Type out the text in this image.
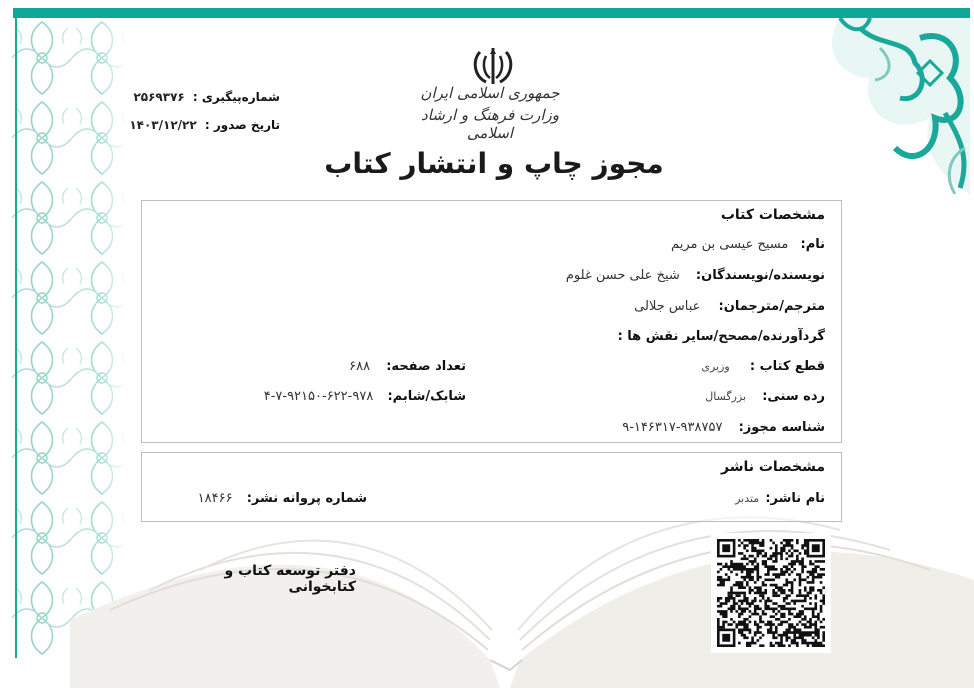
جمهوری اسلامی ایران
وزارت فرهنگ و ارشاد اسلامی
مجوز چاپ و انتشار کتاب
شماره‌پیگیری : ۲۵۶۹۳۷۶
تاریخ صدور : ۱۴۰۳/۱۲/۲۲
مشخصات کتاب
نام: مسیح عیسی بن مریم
نویسنده/نویسندگان: شیخ علی حسن غلوم
مترجم/مترجمان: عباس جلالی
گردآورنده/مصحح/سایر نقش ها :
قطع کتاب : وزیری
تعداد صفحه: ۶۸۸
رده سنی: بزرگسال
شابک/شابم: ۹۷۸-۶۲۲-۹۲۱۵۰-۷-۴
شناسه مجوز: ۹۳۸۷۵۷-۱۴۶۳۱۷-۹
مشخصات ناشر
نام ناشر: متدبر
شماره پروانه نشر: ۱۸۴۶۶
دفتر توسعه کتاب و کتابخوانی
